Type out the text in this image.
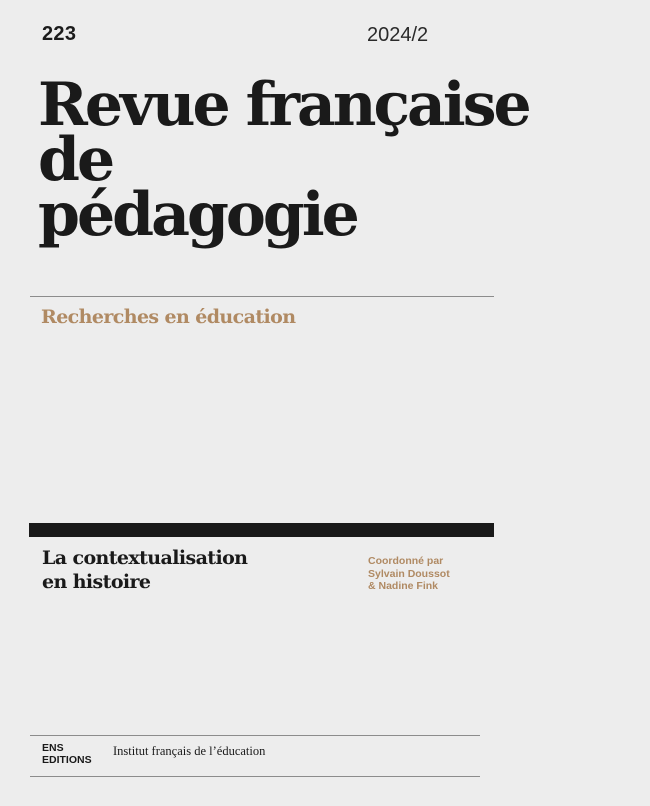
223	2024/2
Revue française
de
pédagogie
Recherches en éducation
La contextualisation
en histoire
Coordonné par
Sylvain Doussot
& Nadine Fink
ENS
EDITIONS
Institut français de l’éducation
